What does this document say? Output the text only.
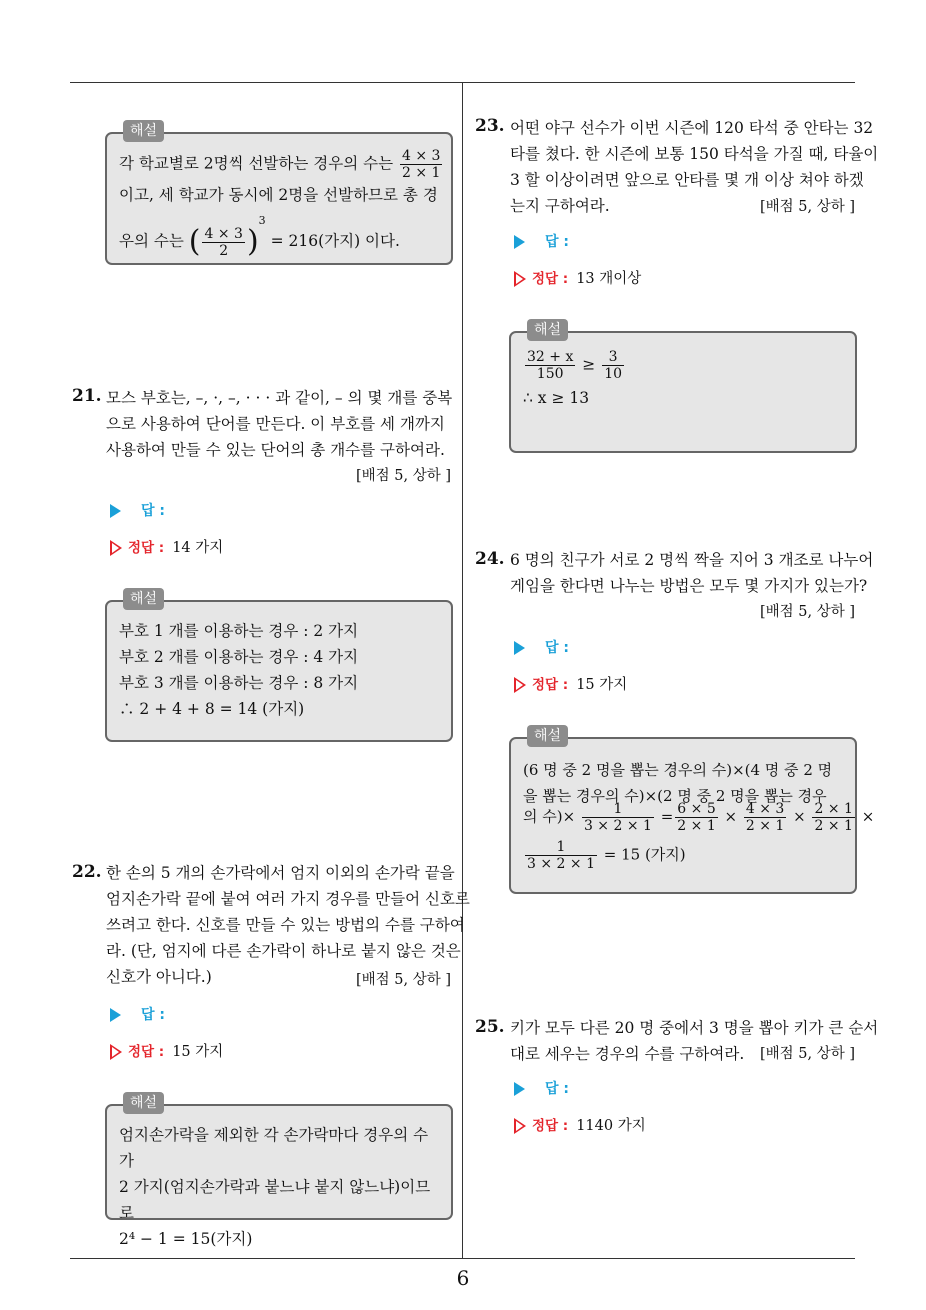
해설
각 학교별로 2명씩 선발하는 경우의 수는 $\frac{4 \times 3}{2 \times 1}$
이고, 세 학교가 동시에 2명을 선발하므로 총 경
우의 수는 ( $\frac{4 \times 3}{2} )^3 = 216$(가지) 이다.
21. 모스 부호는, –, ·, –, · · · 과 같이, – 의 몇 개를 중복
으로 사용하여 단어를 만든다. 이 부호를 세 개까지
사용하여 만들 수 있는 단어의 총 개수를 구하여라.
[배점 5, 상하 ]
답 :
정답 : 14 가지
해설
부호 1 개를 이용하는 경우 : 2 가지
부호 2 개를 이용하는 경우 : 4 가지
부호 3 개를 이용하는 경우 : 8 가지
∴ 2 + 4 + 8 = 14 (가지)
22. 한 손의 5 개의 손가락에서 엄지 이외의 손가락 끝을
엄지손가락 끝에 붙여 여러 가지 경우를 만들어 신호로
쓰려고 한다. 신호를 만들 수 있는 방법의 수를 구하여
라. (단, 엄지에 다른 손가락이 하나로 붙지 않은 것은
신호가 아니다.)	[배점 5, 상하 ]
답 :
정답 : 15 가지
해설
엄지손가락을 제외한 각 손가락마다 경우의 수가
2 가지(엄지손가락과 붙느냐 붙지 않느냐)이므로
2⁴ − 1 = 15(가지)
23. 어떤 야구 선수가 이번 시즌에 120 타석 중 안타는 32
타를 쳤다. 한 시즌에 보통 150 타석을 가질 때, 타율이
3 할 이상이려면 앞으로 안타를 몇 개 이상 쳐야 하겠
는지 구하여라.	[배점 5, 상하 ]
답 :
정답 : 13 개이상
해설
$\frac{32 + x}{150} \ge \frac{3}{10}$
∴ x ≥ 13
24. 6 명의 친구가 서로 2 명씩 짝을 지어 3 개조로 나누어
게임을 한다면 나누는 방법은 모두 몇 가지가 있는가?
[배점 5, 상하 ]
답 :
정답 : 15 가지
해설
(6 명 중 2 명을 뽑는 경우의 수)×(4 명 중 2 명
을 뽑는 경우의 수)×(2 명 중 2 명을 뽑는 경우
의 수)× $\frac{1}{3 \times 2 \times 1} = \frac{6 \times 5}{2 \times 1} \times \frac{4 \times 3}{2 \times 1} \times \frac{2 \times 1}{2 \times 1}$ ×
$\frac{1}{3 \times 2 \times 1} = 15$ (가지)
25. 키가 모두 다른 20 명 중에서 3 명을 뽑아 키가 큰 순서
대로 세우는 경우의 수를 구하여라.	[배점 5, 상하 ]
답 :
정답 : 1140 가지
6
